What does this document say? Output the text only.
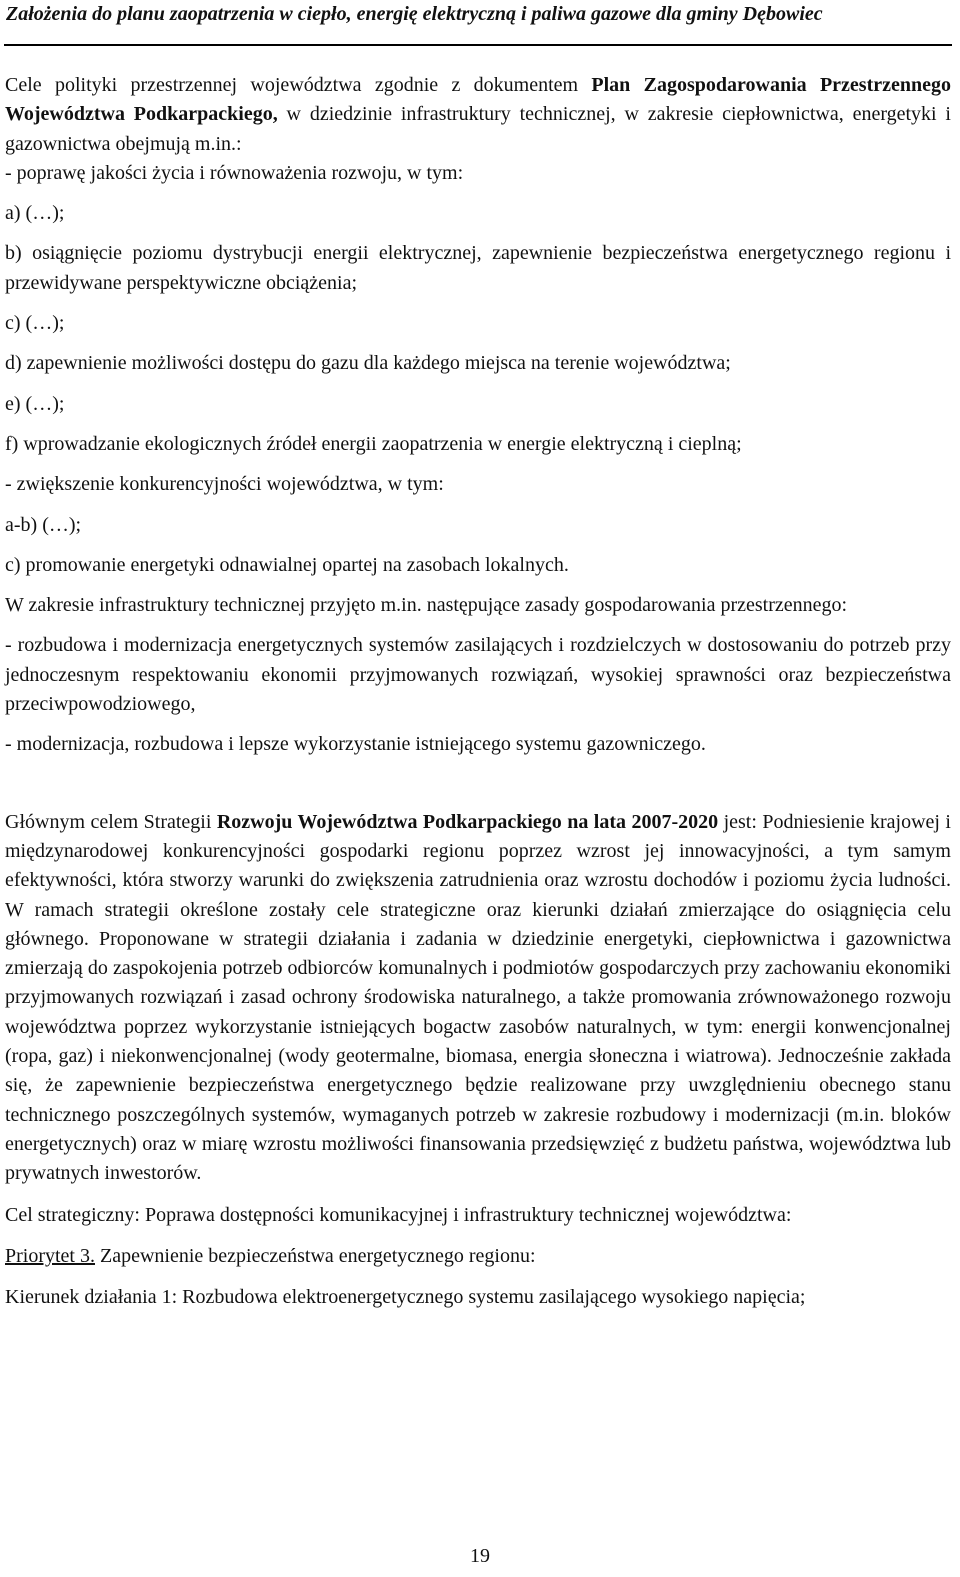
Założenia do planu zaopatrzenia w ciepło, energię elektryczną i paliwa gazowe dla gminy Dębowiec

Cele polityki przestrzennej województwa zgodnie z dokumentem Plan Zagospodarowania Przestrzennego Województwa Podkarpackiego, w dziedzinie infrastruktury technicznej, w zakresie ciepłownictwa, energetyki i gazownictwa obejmują m.in.:

- poprawę jakości życia i równoważenia rozwoju, w tym:

a) (…);

b) osiągnięcie poziomu dystrybucji energii elektrycznej, zapewnienie bezpieczeństwa energetycznego regionu i przewidywane perspektywiczne obciążenia;

c) (…);

d) zapewnienie możliwości dostępu do gazu dla każdego miejsca na terenie województwa;

e) (…);

f) wprowadzanie ekologicznych źródeł energii zaopatrzenia w energie elektryczną i cieplną;

- zwiększenie konkurencyjności województwa, w tym:

a-b) (…);

c) promowanie energetyki odnawialnej opartej na zasobach lokalnych.

W zakresie infrastruktury technicznej przyjęto m.in. następujące zasady gospodarowania przestrzennego:

- rozbudowa i modernizacja energetycznych systemów zasilających i rozdzielczych w dostosowaniu do potrzeb przy jednoczesnym respektowaniu ekonomii przyjmowanych rozwiązań, wysokiej sprawności oraz bezpieczeństwa przeciwpowodziowego,

- modernizacja, rozbudowa i lepsze wykorzystanie istniejącego systemu gazowniczego.

Głównym celem Strategii Rozwoju Województwa Podkarpackiego na lata 2007-2020 jest: Podniesienie krajowej i międzynarodowej konkurencyjności gospodarki regionu poprzez wzrost jej innowacyjności, a tym samym efektywności, która stworzy warunki do zwiększenia zatrudnienia oraz wzrostu dochodów i poziomu życia ludności. W ramach strategii określone zostały cele strategiczne oraz kierunki działań zmierzające do osiągnięcia celu głównego. Proponowane w strategii działania i zadania w dziedzinie energetyki, ciepłownictwa i gazownictwa zmierzają do zaspokojenia potrzeb odbiorców komunalnych i podmiotów gospodarczych przy zachowaniu ekonomiki przyjmowanych rozwiązań i zasad ochrony środowiska naturalnego, a także promowania zrównoważonego rozwoju województwa poprzez wykorzystanie istniejących bogactw zasobów naturalnych, w tym: energii konwencjonalnej (ropa, gaz) i niekonwencjonalnej (wody geotermalne, biomasa, energia słoneczna i wiatrowa). Jednocześnie zakłada się, że zapewnienie bezpieczeństwa energetycznego będzie realizowane przy uwzględnieniu obecnego stanu technicznego poszczególnych systemów, wymaganych potrzeb w zakresie rozbudowy i modernizacji (m.in. bloków energetycznych) oraz w miarę wzrostu możliwości finansowania przedsięwzięć z budżetu państwa, województwa lub prywatnych inwestorów.

Cel strategiczny: Poprawa dostępności komunikacyjnej i infrastruktury technicznej województwa:

Priorytet 3. Zapewnienie bezpieczeństwa energetycznego regionu:

Kierunek działania 1: Rozbudowa elektroenergetycznego systemu zasilającego wysokiego napięcia;

19
